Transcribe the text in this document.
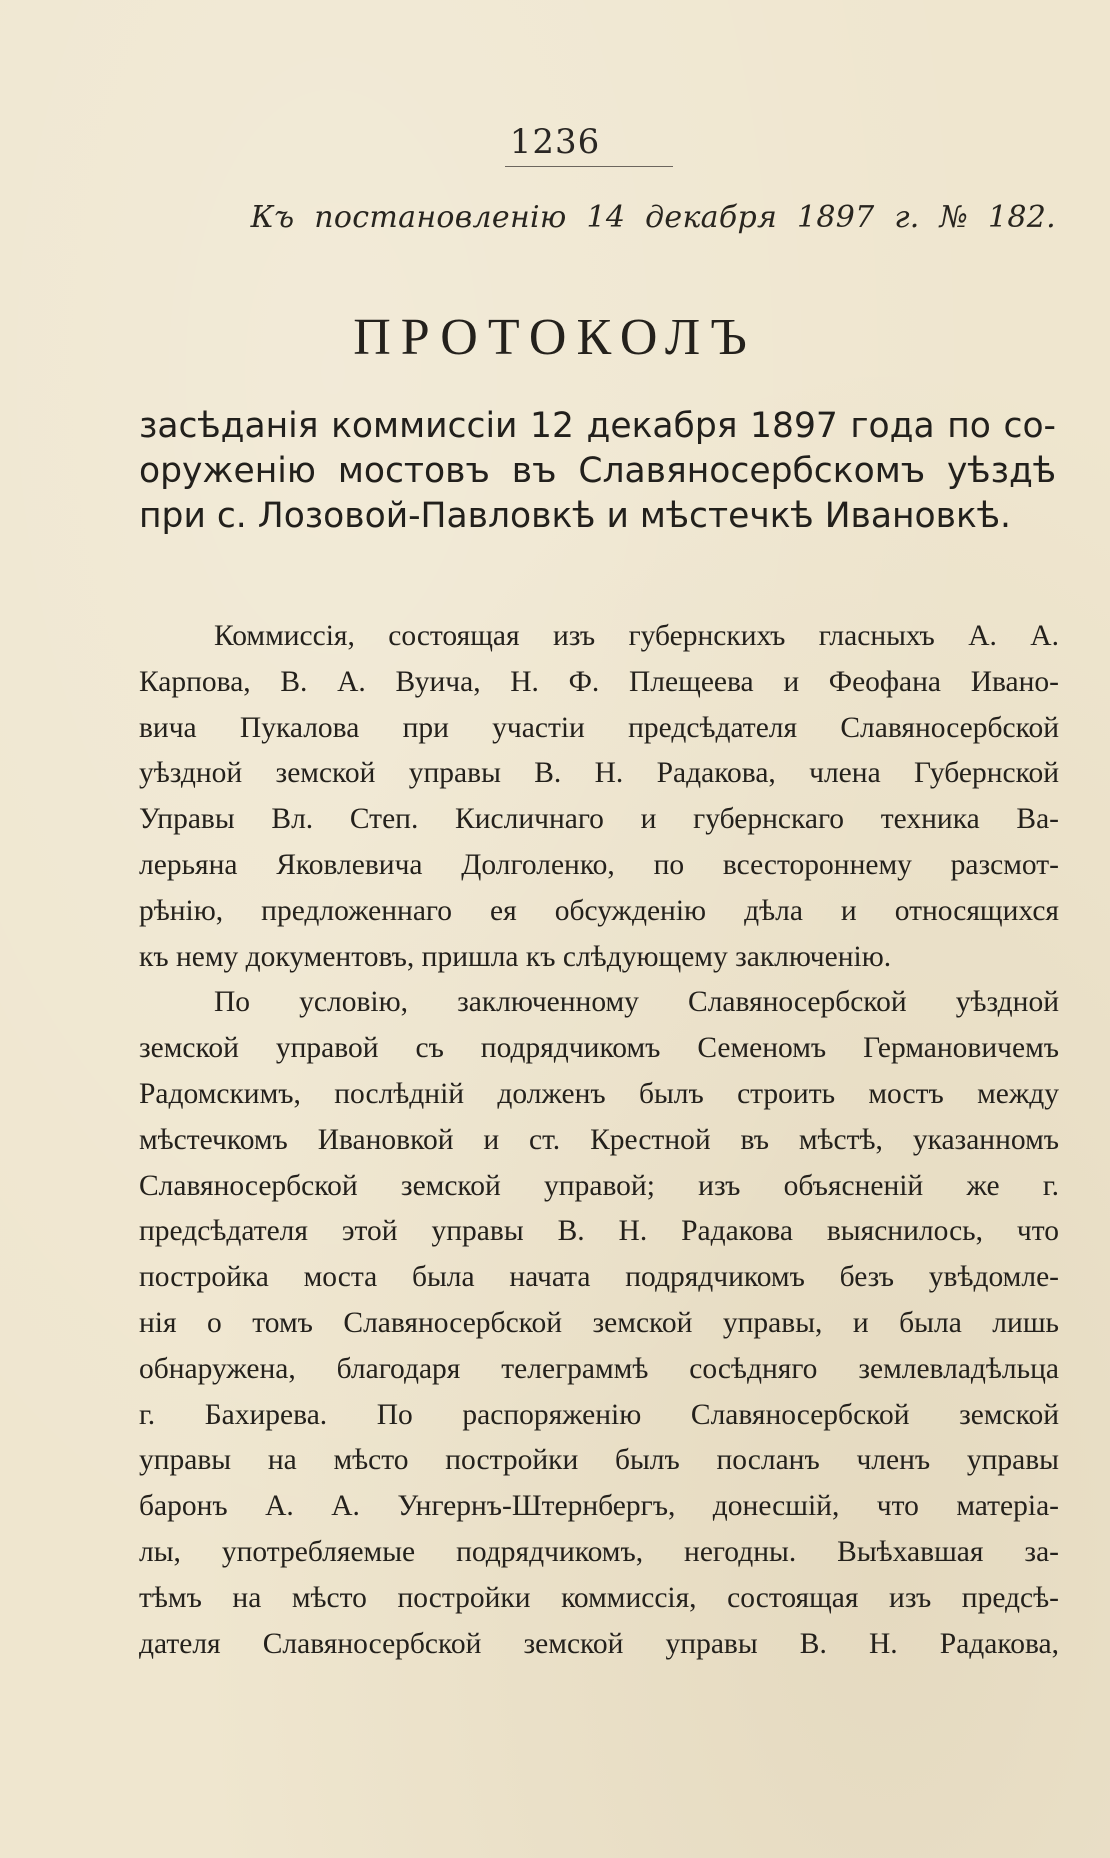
1236
Къ постановленію 14 декабря 1897 г. № 182.
ПРОТОКОЛЪ
засѣданія коммиссіи 12 декабря 1897 года по со-
оруженію мостовъ въ Славяносербскомъ уѣздѣ
при с. Лозовой-Павловкѣ и мѣстечкѣ Ивановкѣ.
Коммиссія, состоящая изъ губернскихъ гласныхъ А. А.
Карпова, В. А. Вуича, Н. Ф. Плещеева и Феофана Ивано-
вича Пукалова при участіи предсѣдателя Славяносербской
уѣздной земской управы В. Н. Радакова, члена Губернской
Управы Вл. Степ. Кисличнаго и губернскаго техника Ва-
лерьяна Яковлевича Долголенко, по всестороннему разсмот-
рѣнію, предложеннаго ея обсужденію дѣла и относящихся
къ нему документовъ, пришла къ слѣдующему заключенію.
По условію, заключенному Славяносербской уѣздной
земской управой съ подрядчикомъ Семеномъ Германовичемъ
Радомскимъ, послѣдній долженъ былъ строить мостъ между
мѣстечкомъ Ивановкой и ст. Крестной въ мѣстѣ, указанномъ
Славяносербской земской управой; изъ объясненій же г.
предсѣдателя этой управы В. Н. Радакова выяснилось, что
постройка моста была начата подрядчикомъ безъ увѣдомле-
нія о томъ Славяносербской земской управы, и была лишь
обнаружена, благодаря телеграммѣ сосѣдняго землевладѣльца
г. Бахирева. По распоряженію Славяносербской земской
управы на мѣсто постройки былъ посланъ членъ управы
баронъ А. А. Унгернъ-Штернбергъ, донесшій, что матеріа-
лы, употребляемые подрядчикомъ, негодны. Выѣхавшая за-
тѣмъ на мѣсто постройки коммиссія, состоящая изъ предсѣ-
дателя Славяносербской земской управы В. Н. Радакова,
